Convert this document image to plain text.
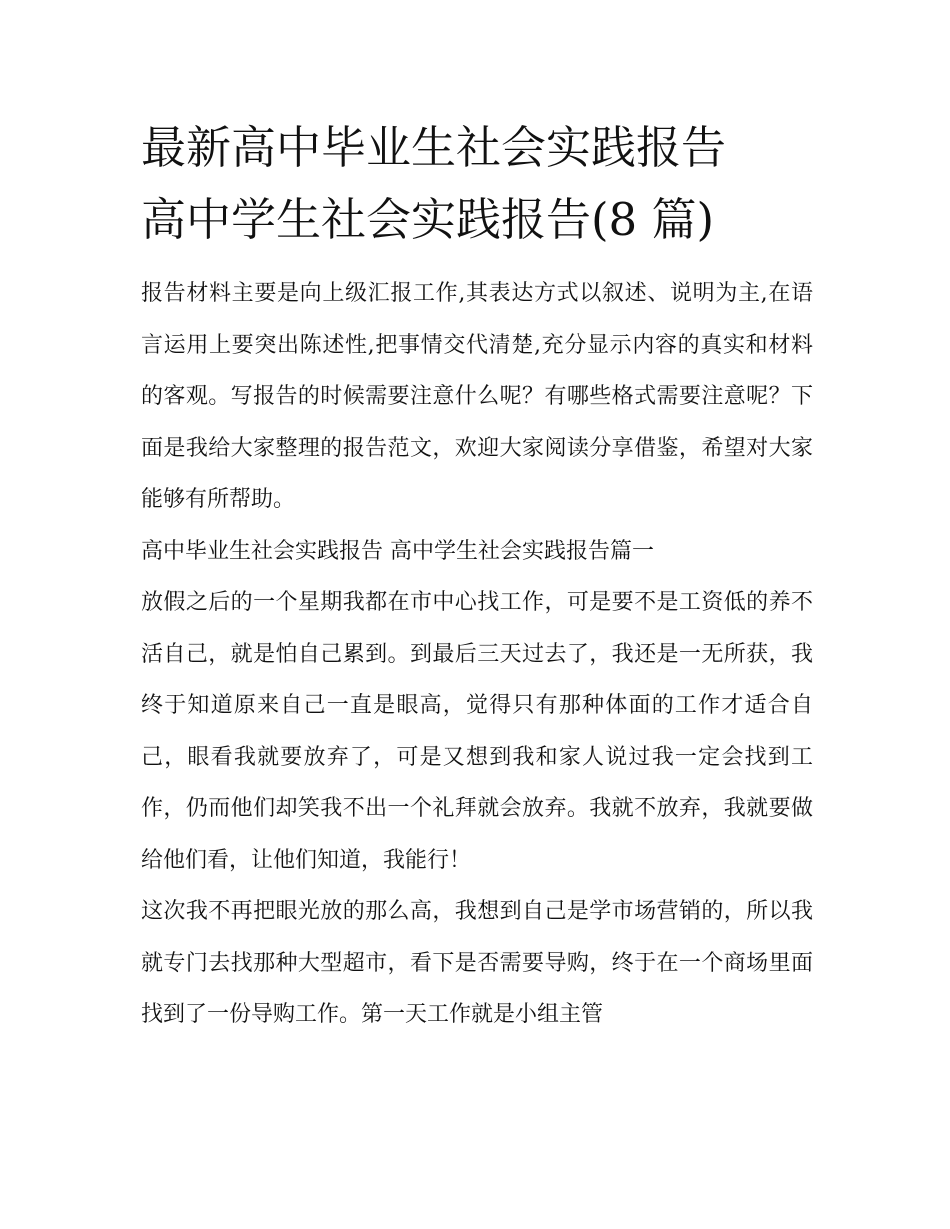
最新高中毕业生社会实践报告
高中学生社会实践报告(8 篇)

报告材料主要是向上级汇报工作,其表达方式以叙述、说明为主,在语言运用上要突出陈述性,把事情交代清楚,充分显示内容的真实和材料的客观。写报告的时候需要注意什么呢？有哪些格式需要注意呢？下面是我给大家整理的报告范文，欢迎大家阅读分享借鉴，希望对大家能够有所帮助。

高中毕业生社会实践报告 高中学生社会实践报告篇一

放假之后的一个星期我都在市中心找工作，可是要不是工资低的养不活自己，就是怕自己累到。到最后三天过去了，我还是一无所获，我终于知道原来自己一直是眼高，觉得只有那种体面的工作才适合自己，眼看我就要放弃了，可是又想到我和家人说过我一定会找到工作，仍而他们却笑我不出一个礼拜就会放弃。我就不放弃，我就要做给他们看，让他们知道，我能行！

这次我不再把眼光放的那么高，我想到自己是学市场营销的，所以我就专门去找那种大型超市，看下是否需要导购，终于在一个商场里面找到了一份导购工作。第一天工作就是小组主管
